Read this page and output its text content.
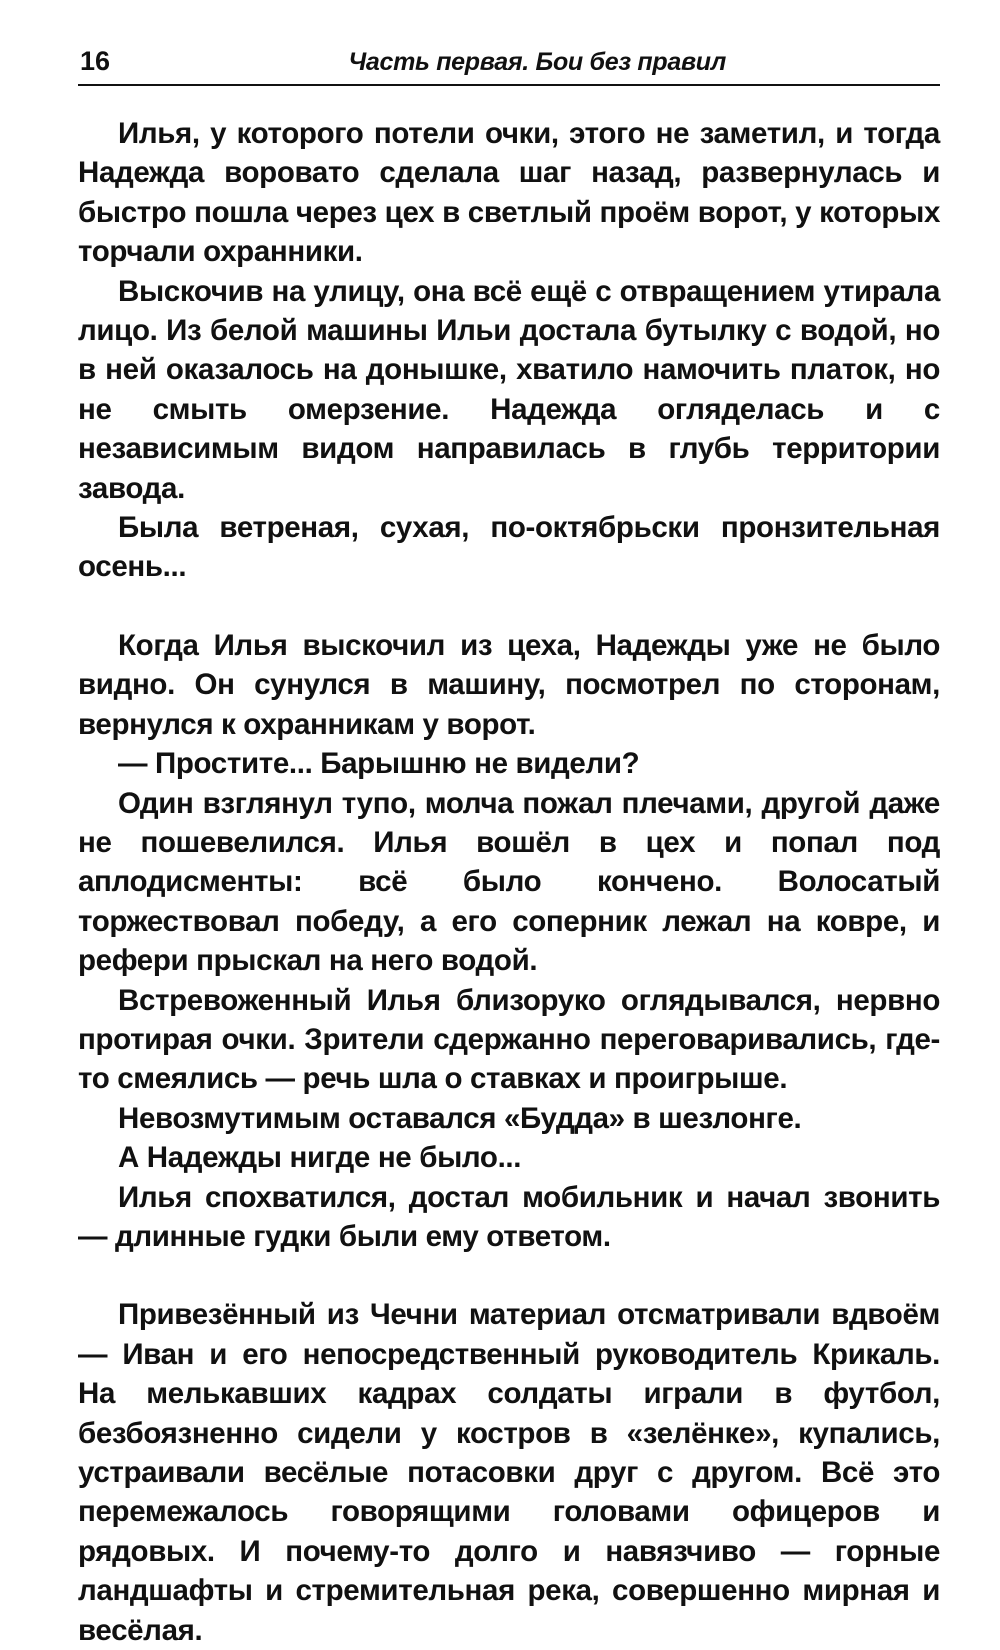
16	Часть первая. Бои без правил

Илья, у которого потели очки, этого не заметил, и тогда Надежда воровато сделала шаг назад, развернулась и быстро пошла через цех в светлый проём ворот, у которых торчали охранники.

Выскочив на улицу, она всё ещё с отвращением утирала лицо. Из белой машины Ильи достала бутылку с водой, но в ней оказалось на донышке, хватило намочить платок, но не смыть омерзение. Надежда огляделась и с независимым видом направилась в глубь территории завода.

Была ветреная, сухая, по-октябрьски пронзительная осень...

Когда Илья выскочил из цеха, Надежды уже не было видно. Он сунулся в машину, посмотрел по сторонам, вернулся к охранникам у ворот.

— Простите... Барышню не видели?

Один взглянул тупо, молча пожал плечами, другой даже не пошевелился. Илья вошёл в цех и попал под аплодисменты: всё было кончено. Волосатый торжествовал победу, а его соперник лежал на ковре, и рефери прыскал на него водой.

Встревоженный Илья близоруко оглядывался, нервно протирая очки. Зрители сдержанно переговаривались, где-то смеялись — речь шла о ставках и проигрыше.

Невозмутимым оставался «Будда» в шезлонге.

А Надежды нигде не было...

Илья спохватился, достал мобильник и начал звонить — длинные гудки были ему ответом.

Привезённый из Чечни материал отсматривали вдвоём — Иван и его непосредственный руководитель Крикаль. На мелькавших кадрах солдаты играли в футбол, безбоязненно сидели у костров в «зелёнке», купались, устраивали весёлые потасовки друг с другом. Всё это перемежалось говорящими головами офицеров и рядовых. И почему-то долго и навязчиво — горные ландшафты и стремительная река, совершенно мирная и весёлая.
